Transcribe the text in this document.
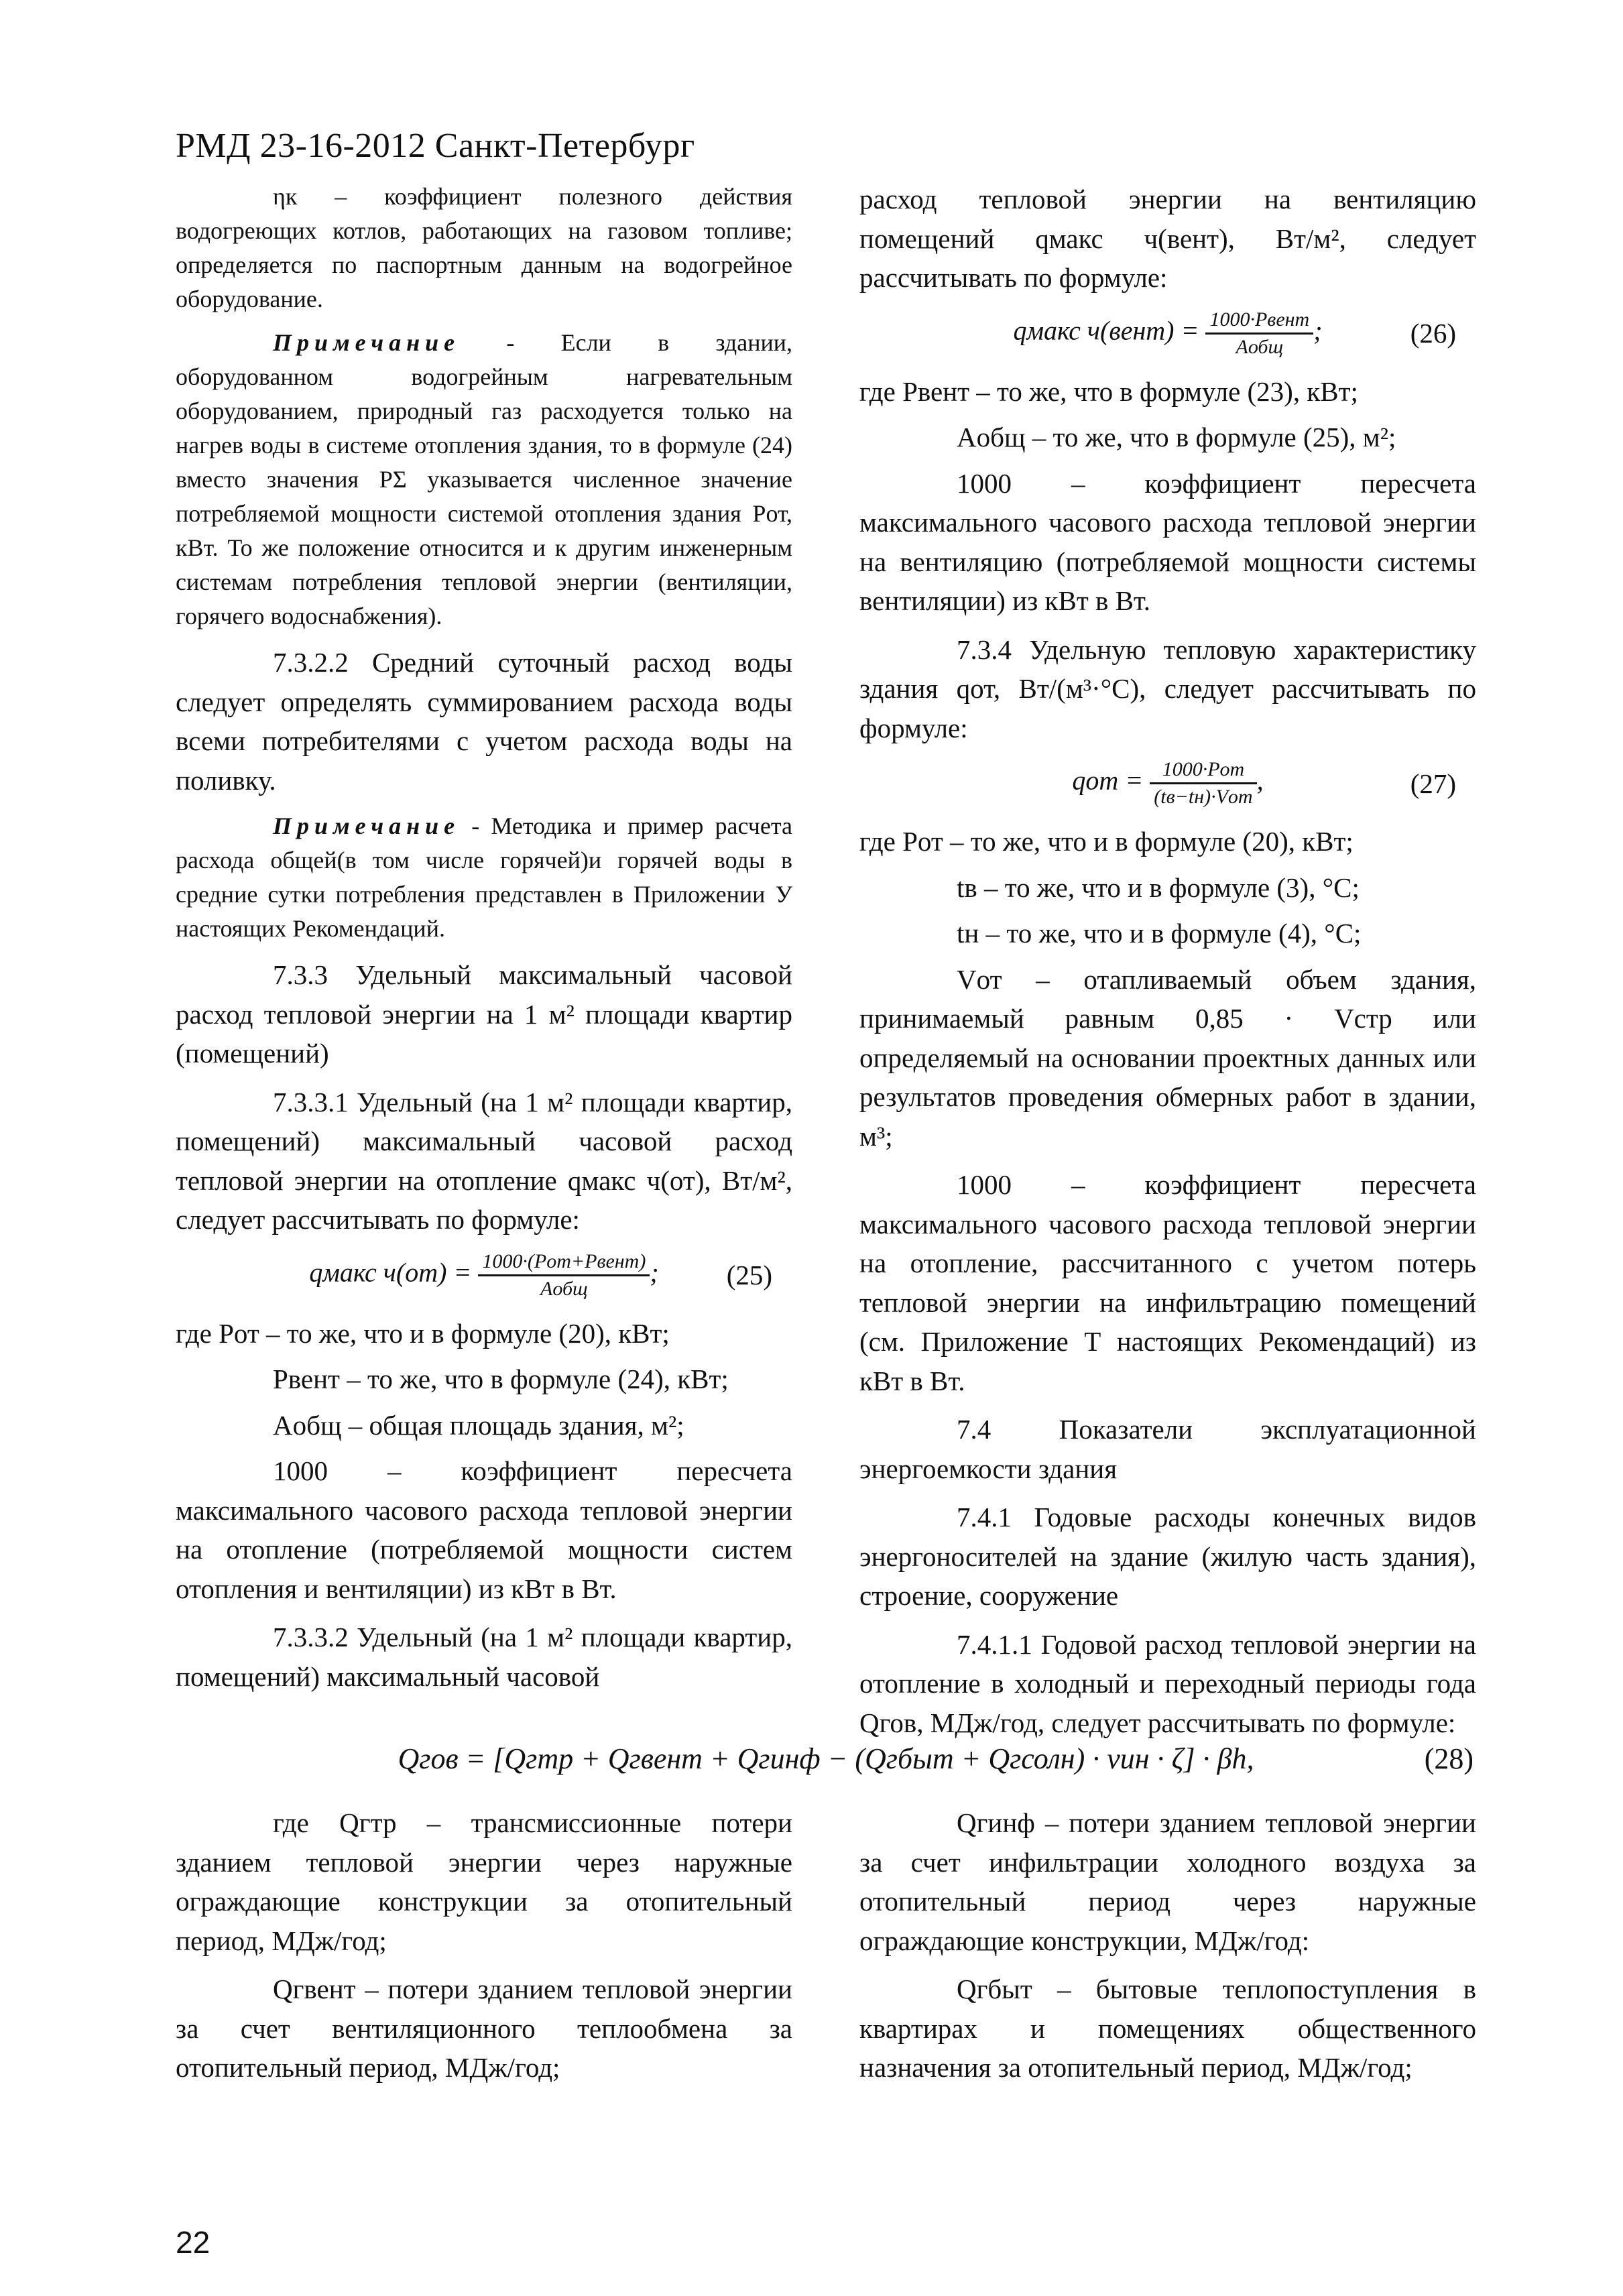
РМД 23-16-2012 Санкт-Петербург

ηк – коэффициент полезного действия водогреющих котлов, работающих на газовом топливе; определяется по паспортным данным на водогрейное оборудование.

Примечание - Если в здании, оборудованном водогрейным нагревательным оборудованием, природный газ расходуется только на нагрев воды в системе отопления здания, то в формуле (24) вместо значения PΣ указывается численное значение потребляемой мощности системой отопления здания Pот, кВт. То же положение относится и к другим инженерным системам потребления тепловой энергии (вентиляции, горячего водоснабжения).

7.3.2.2 Средний суточный расход воды следует определять суммированием расхода воды всеми потребителями с учетом расхода воды на поливку.

Примечание - Методика и пример расчета расхода общей(в том числе горячей)и горячей воды в средние сутки потребления представлен в Приложении У настоящих Рекомендаций.

7.3.3 Удельный максимальный часовой расход тепловой энергии на 1 м² площади квартир (помещений)

7.3.3.1 Удельный (на 1 м² площади квартир, помещений) максимальный часовой расход тепловой энергии на отопление qмакс ч(от), Вт/м², следует рассчитывать по формуле:

qмакс $ч(от) = \frac{\text{1000·(Pот+Pвент)}}{\text{Aобщ}}$ ; (25)

где Pот – то же, что и в формуле (20), кВт;

Pвент – то же, что в формуле (24), кВт;

Aобщ – общая площадь здания, м²;

1000 – коэффициент пересчета максимального часового расхода тепловой энергии на отопление (потребляемой мощности систем отопления и вентиляции) из кВт в Вт.

7.3.3.2 Удельный (на 1 м² площади квартир, помещений) максимальный часовой

расход тепловой энергии на вентиляцию помещений qмакс ч(вент), Вт/м², следует рассчитывать по формуле:

qмакс ч(вент) = $\frac{\text{1000·Pвент}}{\text{Aобщ}}$ ;	(26)

где Pвент – то же, что в формуле (23), кВт;

Aобщ – то же, что в формуле (25), м²;

1000 – коэффициент пересчета максимального часового расхода тепловой энергии на вентиляцию (потребляемой мощности системы вентиляции) из кВт в Вт.

7.3.4 Удельную тепловую характеристику здания qот, Вт/(м³·°С), следует рассчитывать по формуле:

qот = $\frac{\text{1000·Pот}}{\text{(tв−tн)·Vот}}$ ,	(27)

где Pот – то же, что и в формуле (20), кВт;

tв – то же, что и в формуле (3), °С;

tн – то же, что и в формуле (4), °С;

Vот – отапливаемый объем здания, принимаемый равным 0,85 · Vстр или определяемый на основании проектных данных или результатов проведения обмерных работ в здании, м³;

1000 – коэффициент пересчета максимального часового расхода тепловой энергии на отопление, рассчитанного с учетом потерь тепловой энергии на инфильтрацию помещений (см. Приложение Т настоящих Рекомендаций) из кВт в Вт.

7.4 Показатели эксплуатационной энергоемкости здания

7.4.1 Годовые расходы конечных видов энергоносителей на здание (жилую часть здания), строение, сооружение

7.4.1.1 Годовой расход тепловой энергии на отопление в холодный и переходный периоды года Qгов, МДж/год, следует рассчитывать по формуле:

Qгов = [Qгтр + Qгвент + Qгинф − (Qгбыт + Qгсолн) · νин · ζ] · βh,	(28)

где Qгтр – трансмиссионные потери зданием тепловой энергии через наружные ограждающие конструкции за отопительный период, МДж/год;

Qгвент – потери зданием тепловой энергии за счет вентиляционного теплообмена за отопительный период, МДж/год;

Qгинф – потери зданием тепловой энергии за счет инфильтрации холодного воздуха за отопительный период через наружные ограждающие конструкции, МДж/год:

Qгбыт – бытовые теплопоступления в квартирах и помещениях общественного назначения за отопительный период, МДж/год;

22
